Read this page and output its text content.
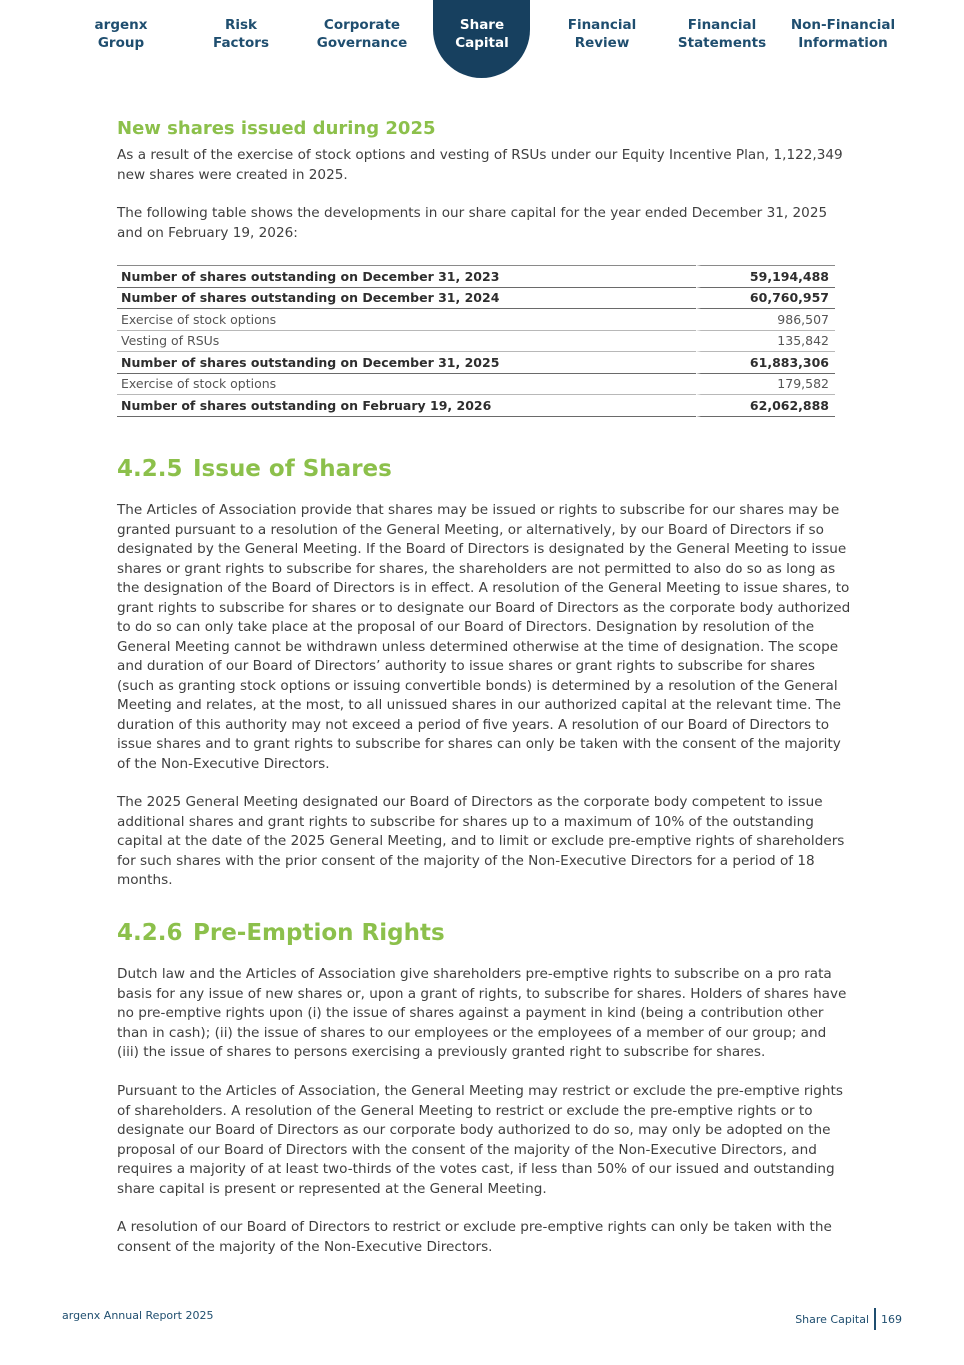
argenx
Group
Risk
Factors
Corporate
Governance
Share
Capital
Financial
Review
Financial
Statements
Non-Financial
Information
New shares issued during 2025

As a result of the exercise of stock options and vesting of RSUs under our Equity Incentive Plan, 1,122,349 new shares were created in 2025.

The following table shows the developments in our share capital for the year ended December 31, 2025 and on February 19, 2026:

Number of shares outstanding on December 31, 2023	59,194,488
Number of shares outstanding on December 31, 2024	60,760,957
Exercise of stock options	986,507
Vesting of RSUs	135,842
Number of shares outstanding on December 31, 2025	61,883,306
Exercise of stock options	179,582
Number of shares outstanding on February 19, 2026	62,062,888
4.2.5 Issue of Shares

The Articles of Association provide that shares may be issued or rights to subscribe for our shares may be granted pursuant to a resolution of the General Meeting, or alternatively, by our Board of Directors if so designated by the General Meeting. If the Board of Directors is designated by the General Meeting to issue shares or grant rights to subscribe for shares, the shareholders are not permitted to also do so as long as the designation of the Board of Directors is in effect. A resolution of the General Meeting to issue shares, to grant rights to subscribe for shares or to designate our Board of Directors as the corporate body authorized to do so can only take place at the proposal of our Board of Directors. Designation by resolution of the General Meeting cannot be withdrawn unless determined otherwise at the time of designation. The scope and duration of our Board of Directors’ authority to issue shares or grant rights to subscribe for shares (such as granting stock options or issuing convertible bonds) is determined by a resolution of the General Meeting and relates, at the most, to all unissued shares in our authorized capital at the relevant time. The duration of this authority may not exceed a period of five years. A resolution of our Board of Directors to issue shares and to grant rights to subscribe for shares can only be taken with the consent of the majority of the Non-Executive Directors.

The 2025 General Meeting designated our Board of Directors as the corporate body competent to issue additional shares and grant rights to subscribe for shares up to a maximum of 10% of the outstanding capital at the date of the 2025 General Meeting, and to limit or exclude pre-emptive rights of shareholders for such shares with the prior consent of the majority of the Non-Executive Directors for a period of 18 months.

4.2.6 Pre-Emption Rights

Dutch law and the Articles of Association give shareholders pre-emptive rights to subscribe on a pro rata basis for any issue of new shares or, upon a grant of rights, to subscribe for shares. Holders of shares have no pre-emptive rights upon (i) the issue of shares against a payment in kind (being a contribution other than in cash); (ii) the issue of shares to our employees or the employees of a member of our group; and (iii) the issue of shares to persons exercising a previously granted right to subscribe for shares.

Pursuant to the Articles of Association, the General Meeting may restrict or exclude the pre-emptive rights of shareholders. A resolution of the General Meeting to restrict or exclude the pre-emptive rights or to designate our Board of Directors as our corporate body authorized to do so, may only be adopted on the proposal of our Board of Directors with the consent of the majority of the Non-Executive Directors, and requires a majority of at least two-thirds of the votes cast, if less than 50% of our issued and outstanding share capital is present or represented at the General Meeting.

A resolution of our Board of Directors to restrict or exclude pre-emptive rights can only be taken with the consent of the majority of the Non-Executive Directors.

argenx Annual Report 2025	Share Capital 169
